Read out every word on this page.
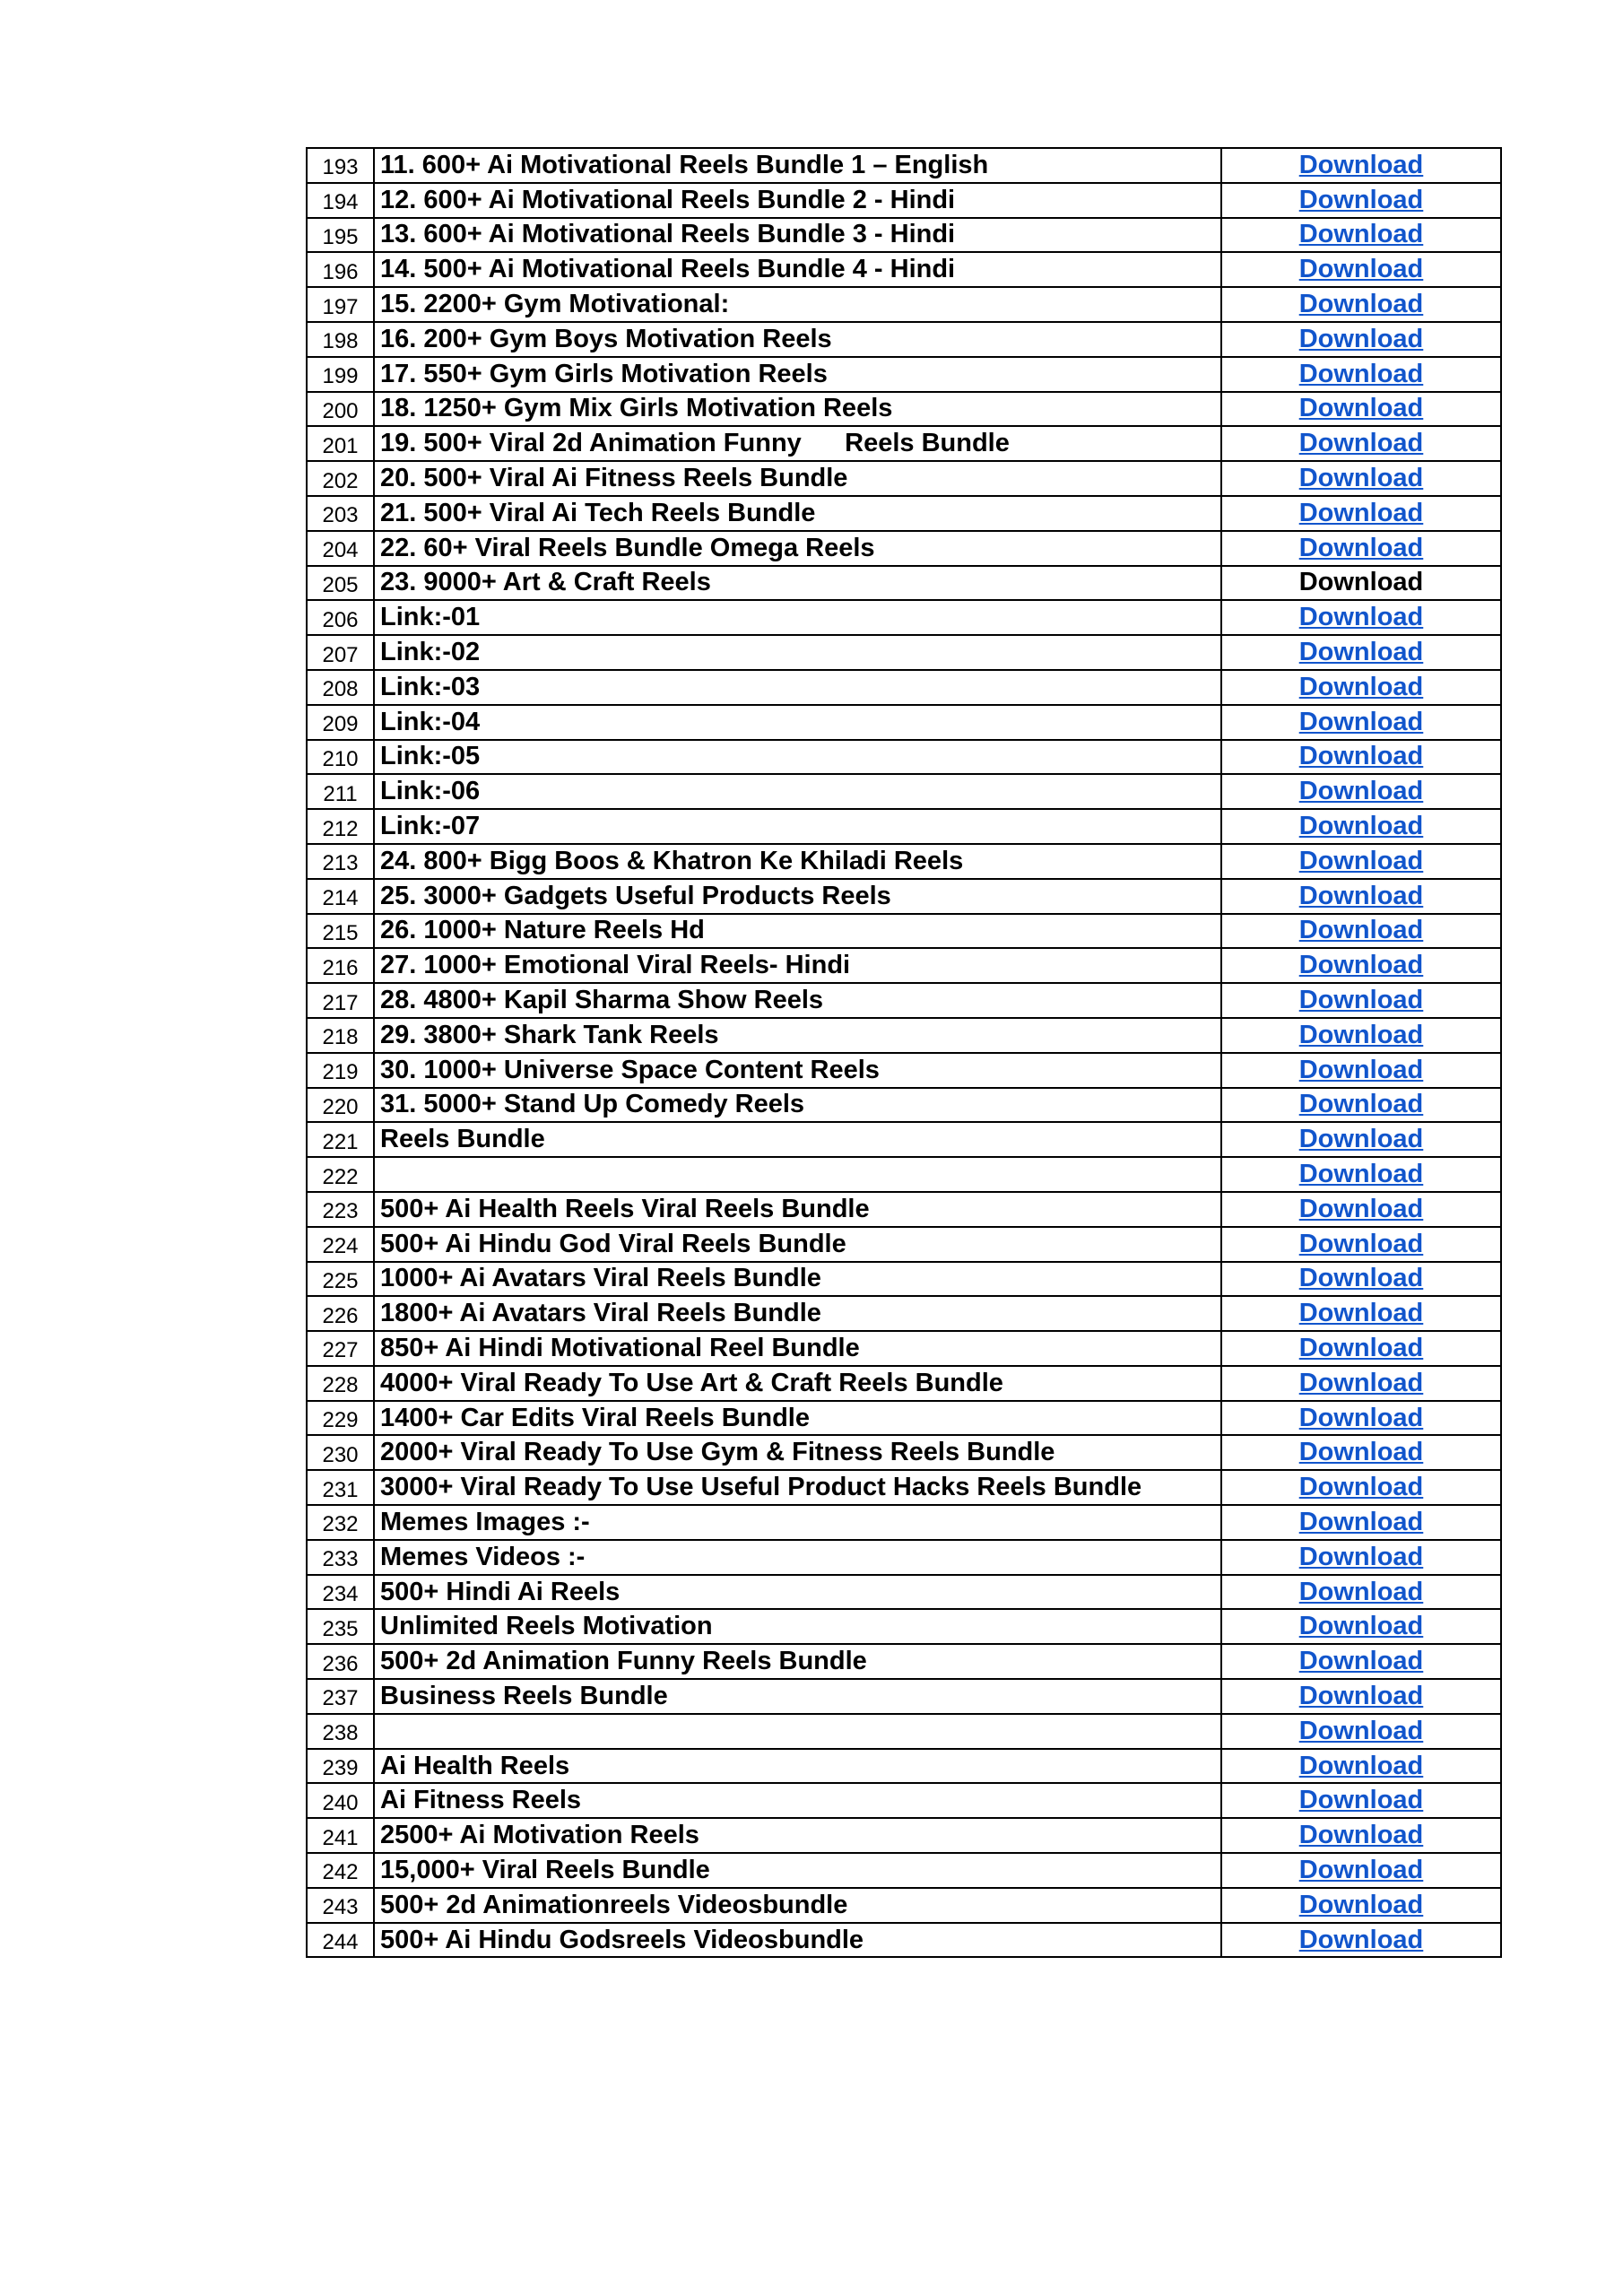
193	11. 600+ Ai Motivational Reels Bundle 1 – English	Download
194	12. 600+ Ai Motivational Reels Bundle 2 - Hindi	Download
195	13. 600+ Ai Motivational Reels Bundle 3 - Hindi	Download
196	14. 500+ Ai Motivational Reels Bundle 4 - Hindi	Download
197	15. 2200+ Gym Motivational:	Download
198	16. 200+ Gym Boys Motivation Reels	Download
199	17. 550+ Gym Girls Motivation Reels	Download
200	18. 1250+ Gym Mix Girls Motivation Reels	Download
201	19. 500+ Viral 2d Animation Funny      Reels Bundle	Download
202	20. 500+ Viral Ai Fitness Reels Bundle	Download
203	21. 500+ Viral Ai Tech Reels Bundle	Download
204	22. 60+ Viral Reels Bundle Omega Reels	Download
205	23. 9000+ Art & Craft Reels	Download
206	Link:-01	Download
207	Link:-02	Download
208	Link:-03	Download
209	Link:-04	Download
210	Link:-05	Download
211	Link:-06	Download
212	Link:-07	Download
213	24. 800+ Bigg Boos & Khatron Ke Khiladi Reels	Download
214	25. 3000+ Gadgets Useful Products Reels	Download
215	26. 1000+ Nature Reels Hd	Download
216	27. 1000+ Emotional Viral Reels- Hindi	Download
217	28. 4800+ Kapil Sharma Show Reels	Download
218	29. 3800+ Shark Tank Reels	Download
219	30. 1000+ Universe Space Content Reels	Download
220	31. 5000+ Stand Up Comedy Reels	Download
221	Reels Bundle	Download
222		Download
223	500+ Ai Health Reels Viral Reels Bundle	Download
224	500+ Ai Hindu God Viral Reels Bundle	Download
225	1000+ Ai Avatars Viral Reels Bundle	Download
226	1800+ Ai Avatars Viral Reels Bundle	Download
227	850+ Ai Hindi Motivational Reel Bundle	Download
228	4000+ Viral Ready To Use Art & Craft Reels Bundle	Download
229	1400+ Car Edits Viral Reels Bundle	Download
230	2000+ Viral Ready To Use Gym & Fitness Reels Bundle	Download
231	3000+ Viral Ready To Use Useful Product Hacks Reels Bundle	Download
232	Memes Images :-	Download
233	Memes Videos :-	Download
234	500+ Hindi Ai Reels	Download
235	Unlimited Reels Motivation	Download
236	500+ 2d Animation Funny Reels Bundle	Download
237	Business Reels Bundle	Download
238		Download
239	Ai Health Reels	Download
240	Ai Fitness Reels	Download
241	2500+ Ai Motivation Reels	Download
242	15,000+ Viral Reels Bundle	Download
243	500+ 2d Animationreels Videosbundle	Download
244	500+ Ai Hindu Godsreels Videosbundle	Download
